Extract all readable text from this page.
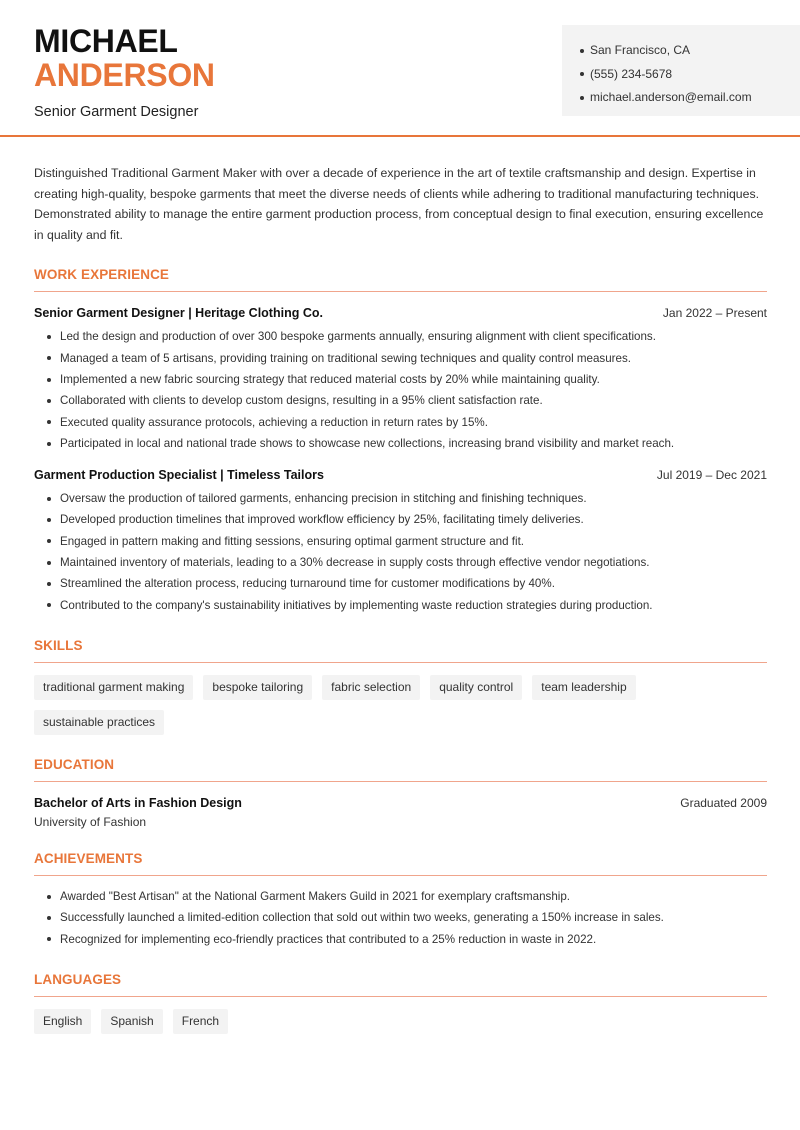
MICHAEL
ANDERSON
Senior Garment Designer
San Francisco, CA
(555) 234-5678
michael.anderson@email.com

Distinguished Traditional Garment Maker with over a decade of experience in the art of textile craftsmanship and design. Expertise in creating high-quality, bespoke garments that meet the diverse needs of clients while adhering to traditional manufacturing techniques. Demonstrated ability to manage the entire garment production process, from conceptual design to final execution, ensuring excellence in quality and fit.

WORK EXPERIENCE
Senior Garment Designer | Heritage Clothing Co.	Jan 2022 – Present
Led the design and production of over 300 bespoke garments annually, ensuring alignment with client specifications.
Managed a team of 5 artisans, providing training on traditional sewing techniques and quality control measures.
Implemented a new fabric sourcing strategy that reduced material costs by 20% while maintaining quality.
Collaborated with clients to develop custom designs, resulting in a 95% client satisfaction rate.
Executed quality assurance protocols, achieving a reduction in return rates by 15%.
Participated in local and national trade shows to showcase new collections, increasing brand visibility and market reach.
Garment Production Specialist | Timeless Tailors	Jul 2019 – Dec 2021
Oversaw the production of tailored garments, enhancing precision in stitching and finishing techniques.
Developed production timelines that improved workflow efficiency by 25%, facilitating timely deliveries.
Engaged in pattern making and fitting sessions, ensuring optimal garment structure and fit.
Maintained inventory of materials, leading to a 30% decrease in supply costs through effective vendor negotiations.
Streamlined the alteration process, reducing turnaround time for customer modifications by 40%.
Contributed to the company's sustainability initiatives by implementing waste reduction strategies during production.
SKILLS
traditional garment making	bespoke tailoring	fabric selection	quality control	team leadership
sustainable practices
EDUCATION
Bachelor of Arts in Fashion Design	Graduated 2009
University of Fashion
ACHIEVEMENTS
Awarded "Best Artisan" at the National Garment Makers Guild in 2021 for exemplary craftsmanship.
Successfully launched a limited-edition collection that sold out within two weeks, generating a 150% increase in sales.
Recognized for implementing eco-friendly practices that contributed to a 25% reduction in waste in 2022.
LANGUAGES
English	Spanish	French
